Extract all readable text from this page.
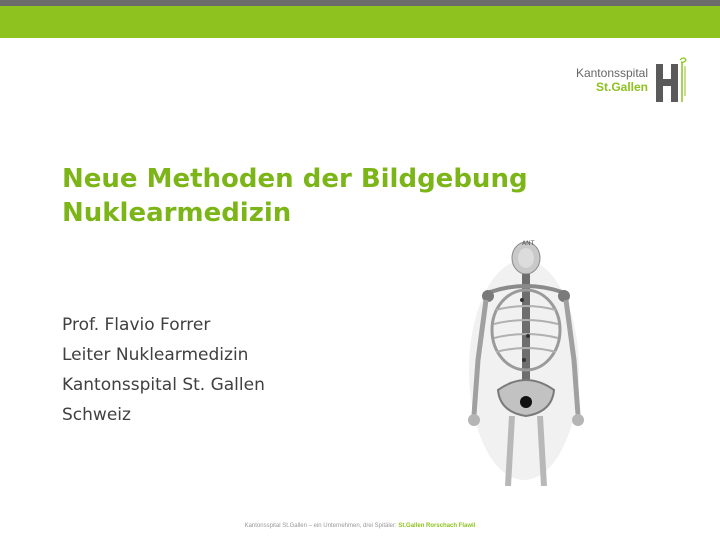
Kantonsspital
St.Gallen
Neue Methoden der Bildgebung
Nuklearmedizin
Prof. Flavio Forrer
Leiter Nuklearmedizin
Kantonsspital St. Gallen
Schweiz
ANT
Kantonsspital St.Gallen – ein Unternehmen, drei Spitäler: St.Gallen Rorschach Flawil
